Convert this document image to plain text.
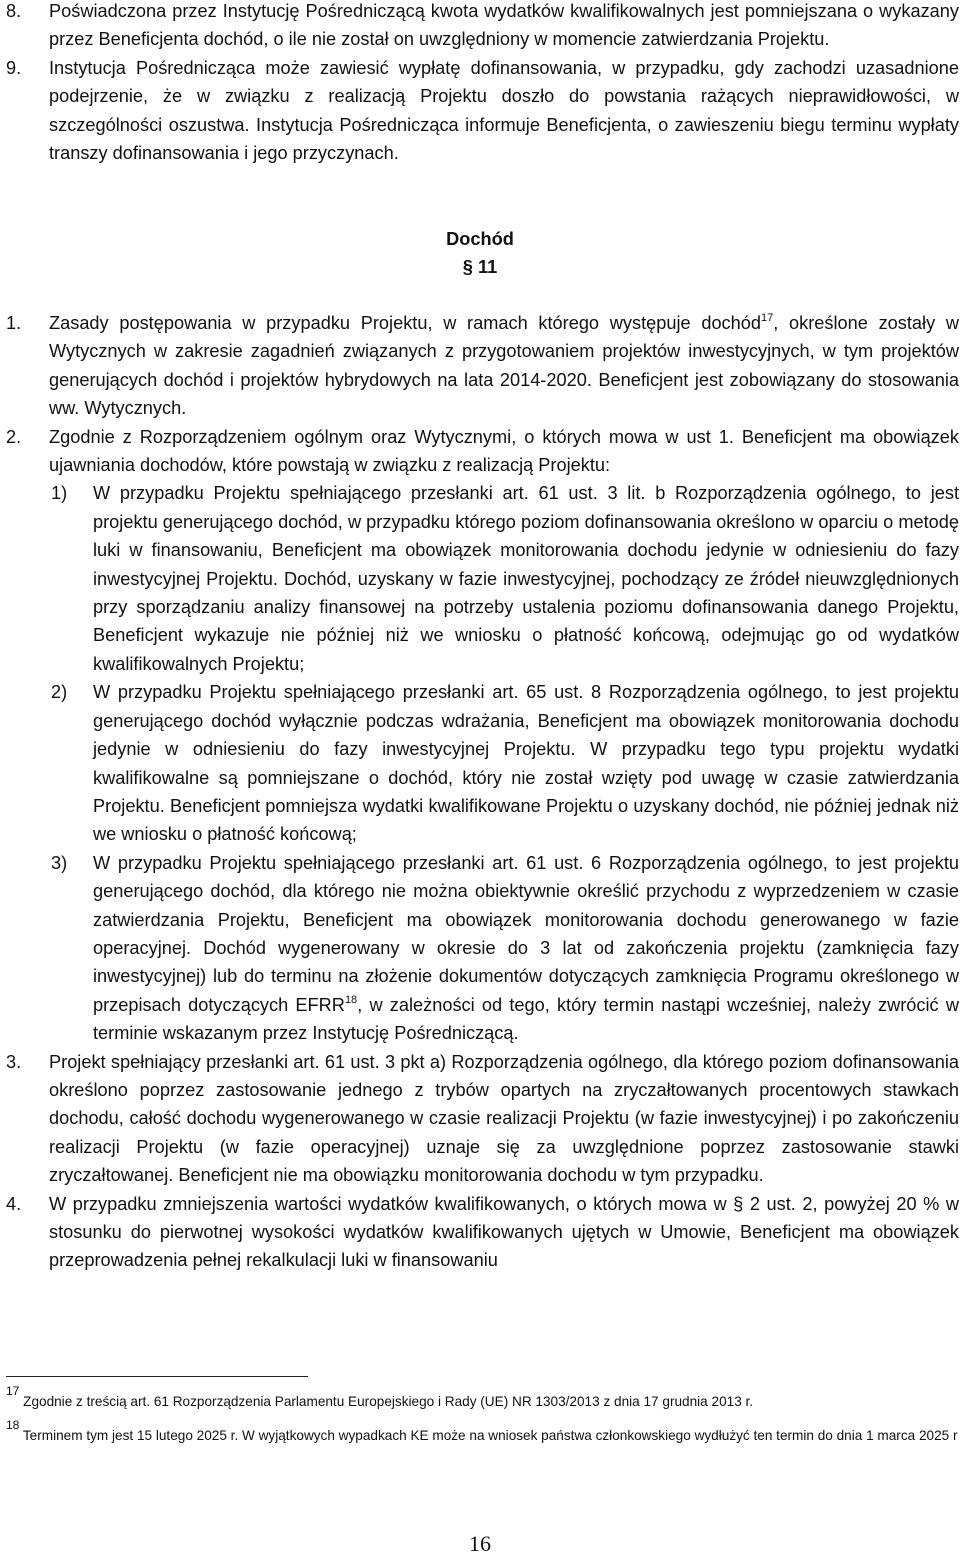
8. Poświadczona przez Instytucję Pośredniczącą kwota wydatków kwalifikowalnych jest pomniejszana o wykazany przez Beneficjenta dochód, o ile nie został on uwzględniony w momencie zatwierdzania Projektu.
9. Instytucja Pośrednicząca może zawiesić wypłatę dofinansowania, w przypadku, gdy zachodzi uzasadnione podejrzenie, że w związku z realizacją Projektu doszło do powstania rażących nieprawidłowości, w szczególności oszustwa. Instytucja Pośrednicząca informuje Beneficjenta, o zawieszeniu biegu terminu wypłaty transzy dofinansowania i jego przyczynach.
Dochód
§ 11
1. Zasady postępowania w przypadku Projektu, w ramach którego występuje dochód$^{17}$, określone zostały w Wytycznych w zakresie zagadnień związanych z przygotowaniem projektów inwestycyjnych, w tym projektów generujących dochód i projektów hybrydowych na lata 2014-2020. Beneficjent jest zobowiązany do stosowania ww. Wytycznych.
2. Zgodnie z Rozporządzeniem ogólnym oraz Wytycznymi, o których mowa w ust 1. Beneficjent ma obowiązek ujawniania dochodów, które powstają w związku z realizacją Projektu:
1) W przypadku Projektu spełniającego przesłanki art. 61 ust. 3 lit. b Rozporządzenia ogólnego, to jest projektu generującego dochód, w przypadku którego poziom dofinansowania określono w oparciu o metodę luki w finansowaniu, Beneficjent ma obowiązek monitorowania dochodu jedynie w odniesieniu do fazy inwestycyjnej Projektu. Dochód, uzyskany w fazie inwestycyjnej, pochodzący ze źródeł nieuwzględnionych przy sporządzaniu analizy finansowej na potrzeby ustalenia poziomu dofinansowania danego Projektu, Beneficjent wykazuje nie później niż we wniosku o płatność końcową, odejmując go od wydatków kwalifikowalnych Projektu;
2) W przypadku Projektu spełniającego przesłanki art. 65 ust. 8 Rozporządzenia ogólnego, to jest projektu generującego dochód wyłącznie podczas wdrażania, Beneficjent ma obowiązek monitorowania dochodu jedynie w odniesieniu do fazy inwestycyjnej Projektu. W przypadku tego typu projektu wydatki kwalifikowalne są pomniejszane o dochód, który nie został wzięty pod uwagę w czasie zatwierdzania Projektu. Beneficjent pomniejsza wydatki kwalifikowane Projektu o uzyskany dochód, nie później jednak niż we wniosku o płatność końcową;
3) W przypadku Projektu spełniającego przesłanki art. 61 ust. 6 Rozporządzenia ogólnego, to jest projektu generującego dochód, dla którego nie można obiektywnie określić przychodu z wyprzedzeniem w czasie zatwierdzania Projektu, Beneficjent ma obowiązek monitorowania dochodu generowanego w fazie operacyjnej. Dochód wygenerowany w okresie do 3 lat od zakończenia projektu (zamknięcia fazy inwestycyjnej) lub do terminu na złożenie dokumentów dotyczących zamknięcia Programu określonego w przepisach dotyczących EFRR$^{18}$, w zależności od tego, który termin nastąpi wcześniej, należy zwrócić w terminie wskazanym przez Instytucję Pośredniczącą.
3. Projekt spełniający przesłanki art. 61 ust. 3 pkt a) Rozporządzenia ogólnego, dla którego poziom dofinansowania określono poprzez zastosowanie jednego z trybów opartych na zryczałtowanych procentowych stawkach dochodu, całość dochodu wygenerowanego w czasie realizacji Projektu (w fazie inwestycyjnej) i po zakończeniu realizacji Projektu (w fazie operacyjnej) uznaje się za uwzględnione poprzez zastosowanie stawki zryczałtowanej. Beneficjent nie ma obowiązku monitorowania dochodu w tym przypadku.
4. W przypadku zmniejszenia wartości wydatków kwalifikowanych, o których mowa w § 2 ust. 2, powyżej 20 % w stosunku do pierwotnej wysokości wydatków kwalifikowanych ujętych w Umowie, Beneficjent ma obowiązek przeprowadzenia pełnej rekalkulacji luki w finansowaniu
$^{17}$ Zgodnie z treścią art. 61 Rozporządzenia Parlamentu Europejskiego i Rady (UE) NR 1303/2013 z dnia 17 grudnia 2013 r.
$^{18}$ Terminem tym jest 15 lutego 2025 r. W wyjątkowych wypadkach KE może na wniosek państwa członkowskiego wydłużyć ten termin do dnia 1 marca 2025 r
16
